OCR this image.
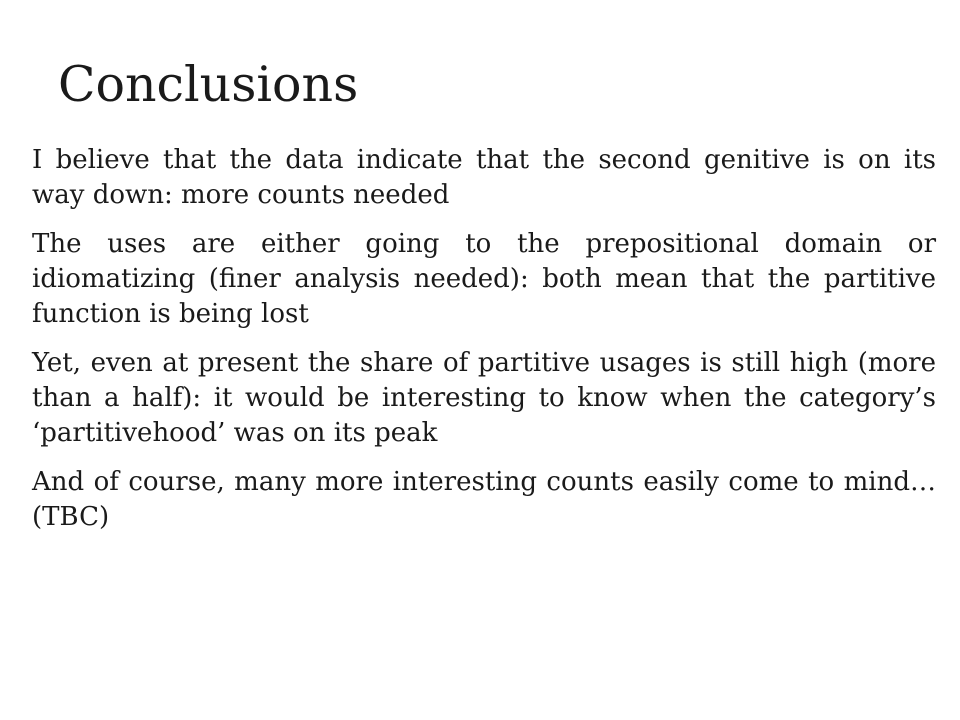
Conclusions

I believe that the data indicate that the second genitive is on its way down: more counts needed

The uses are either going to the prepositional domain or idiomatizing (finer analysis needed): both mean that the partitive function is being lost

Yet, even at present the share of partitive usages is still high (more than a half): it would be interesting to know when the category’s ‘partitivehood’ was on its peak

And of course, many more interesting counts easily come to mind… (TBC)
